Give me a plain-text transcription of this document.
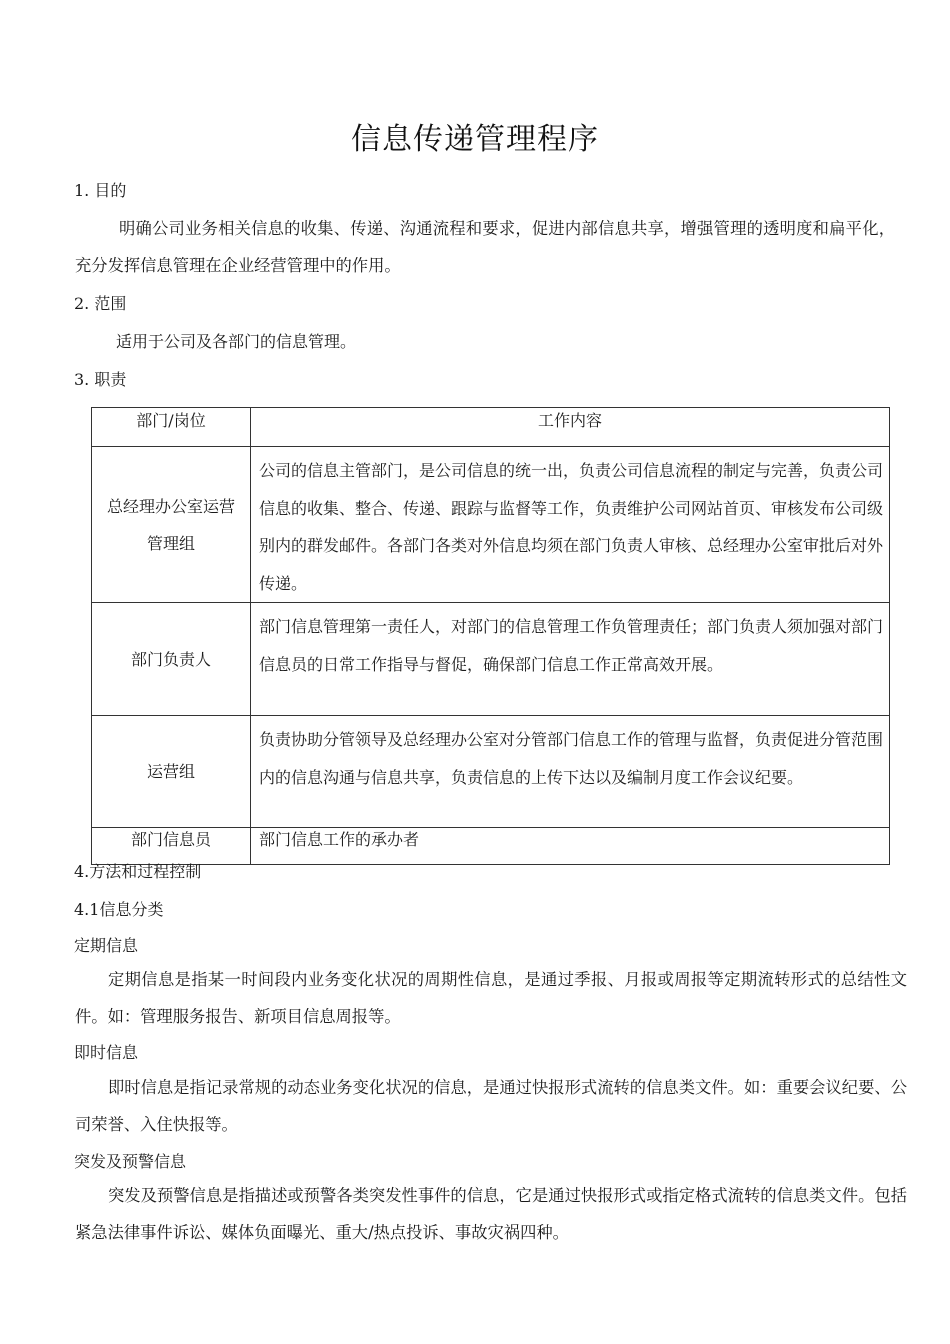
信息传递管理程序
1. 目的
明确公司业务相关信息的收集、传递、沟通流程和要求，促进内部信息共享，增强管理的透明度和扁平化，充分发挥信息管理在企业经营管理中的作用。
2. 范围
适用于公司及各部门的信息管理。
3. 职责
部门/岗位	工作内容
总经理办公室运营管理组	公司的信息主管部门，是公司信息的统一出，负责公司信息流程的制定与完善，负责公司信息的收集、整合、传递、跟踪与监督等工作，负责维护公司网站首页、审核发布公司级别内的群发邮件。各部门各类对外信息均须在部门负责人审核、总经理办公室审批后对外传递。
部门负责人	部门信息管理第一责任人，对部门的信息管理工作负管理责任；部门负责人须加强对部门信息员的日常工作指导与督促，确保部门信息工作正常高效开展。
运营组	负责协助分管领导及总经理办公室对分管部门信息工作的管理与监督，负责促进分管范围内的信息沟通与信息共享，负责信息的上传下达以及编制月度工作会议纪要。
部门信息员	部门信息工作的承办者
4.方法和过程控制
4.1信息分类
定期信息
定期信息是指某一时间段内业务变化状况的周期性信息，是通过季报、月报或周报等定期流转形式的总结性文件。如：管理服务报告、新项目信息周报等。
即时信息
即时信息是指记录常规的动态业务变化状况的信息，是通过快报形式流转的信息类文件。如：重要会议纪要、公司荣誉、入住快报等。
突发及预警信息
突发及预警信息是指描述或预警各类突发性事件的信息，它是通过快报形式或指定格式流转的信息类文件。包括紧急法律事件诉讼、媒体负面曝光、重大/热点投诉、事故灾祸四种。
